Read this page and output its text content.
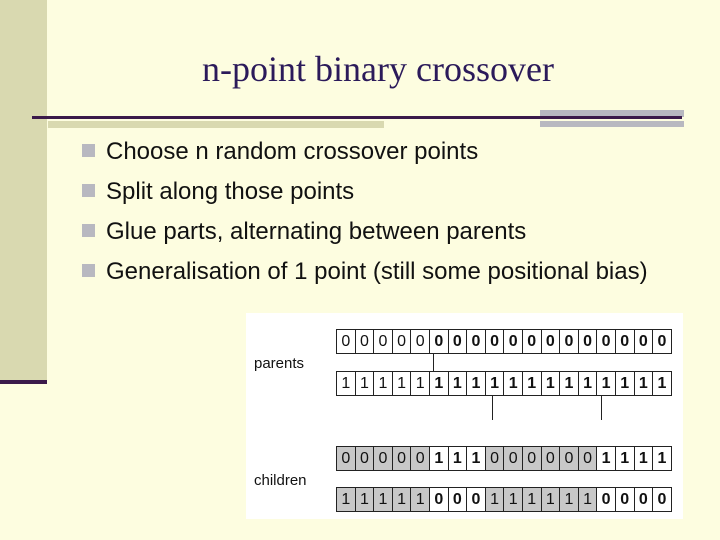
n-point binary crossover
Choose n random crossover points
Split along those points
Glue parts, alternating between parents
Generalisation of 1 point (still some positional bias)
parents
children
0 0 0 0 0 0 0 0 0 0 0 0 0 0 0 0 0 0
1 1 1 1 1 1 1 1 1 1 1 1 1 1 1 1 1 1
0 0 0 0 0 1 1 1 0 0 0 0 0 0 1 1 1 1
1 1 1 1 1 0 0 0 1 1 1 1 1 1 0 0 0 0
